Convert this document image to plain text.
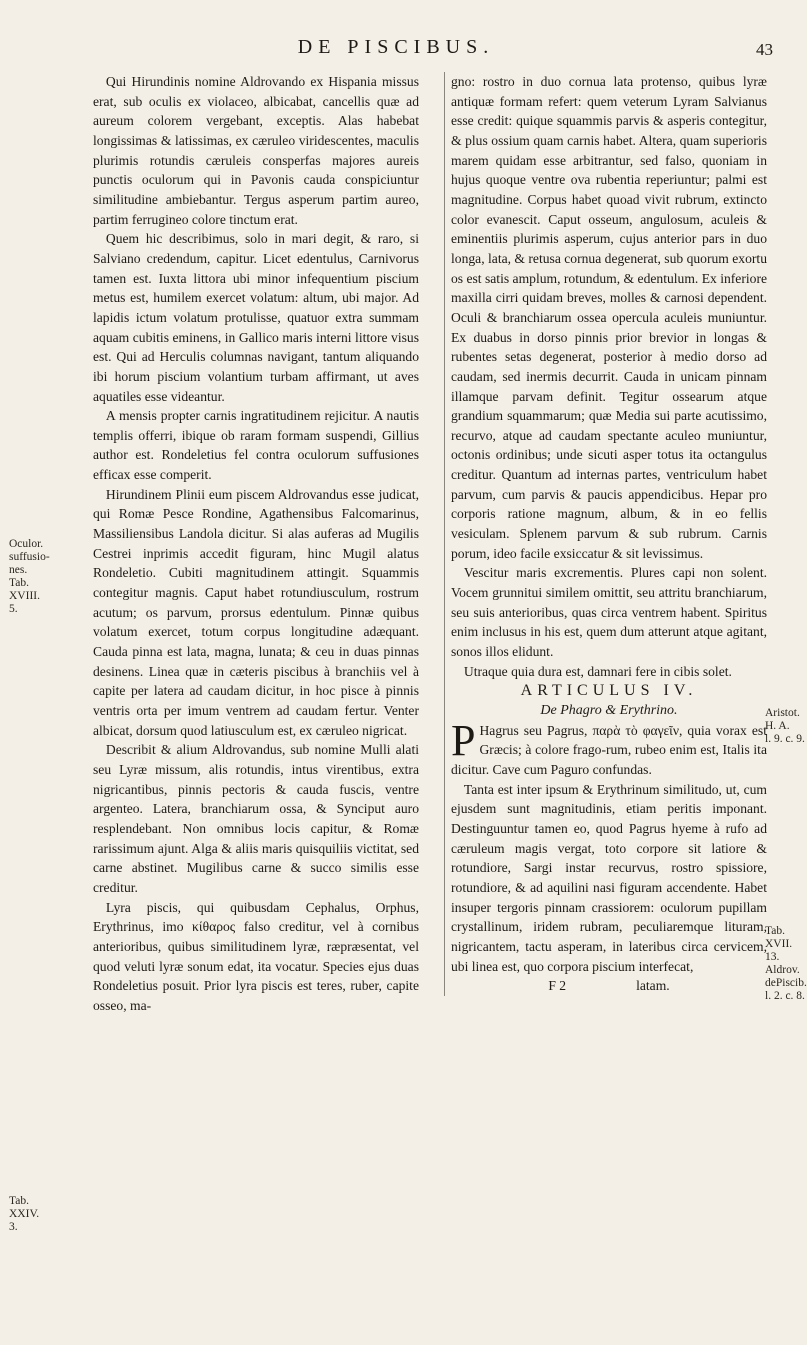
DE PISCIBUS.	43
Oculor.
suffusio-
nes.
Tab.
XVIII.
5.
Tab.
XXIV.
3.
Aristot.
H. A.
l. 9. c. 9.
Tab.
XVII.
13.
Aldrov.
dePiscib.
l. 2. c. 8.

Qui Hirundinis nomine Aldrovando ex Hispania missus erat, sub oculis ex violaceo, albicabat, cancellis quæ ad aureum colorem vergebant, exceptis. Alas habebat longissimas & latissimas, ex cæruleo viridescentes, maculis plurimis rotundis cæruleis consperfas majores aureis punctis oculorum qui in Pavonis cauda conspiciuntur similitudine ambiebantur. Tergus asperum partim aureo, partim ferrugineo colore tinctum erat.

Quem hic describimus, solo in mari degit, & raro, si Salviano credendum, capitur. Licet edentulus, Carnivorus tamen est. Iuxta littora ubi minor infequentium piscium metus est, humilem exercet volatum: altum, ubi major. Ad lapidis ictum volatum protulisse, quatuor extra summam aquam cubitis eminens, in Gallico maris interni littore visus est. Qui ad Herculis columnas navigant, tantum aliquando ibi horum piscium volantium turbam affirmant, ut aves aquatiles esse videantur.

A mensis propter carnis ingratitudinem rejicitur. A nautis templis offerri, ibique ob raram formam suspendi, Gillius author est. Rondeletius fel contra oculorum suffusiones efficax esse comperit.

Hirundinem Plinii eum piscem Aldrovandus esse judicat, qui Romæ Pesce Rondine, Agathensibus Falcomarinus, Massiliensibus Landola dicitur. Si alas auferas ad Mugilis Cestrei inprimis accedit figuram, hinc Mugil alatus Rondeletio. Cubiti magnitudinem attingit. Squammis contegitur magnis. Caput habet rotundiusculum, rostrum acutum; os parvum, prorsus edentulum. Pinnæ quibus volatum exercet, totum corpus longitudine adæquant. Cauda pinna est lata, magna, lunata; & ceu in duas pinnas desinens. Linea quæ in cæteris piscibus à branchiis vel à capite per latera ad caudam dicitur, in hoc pisce à pinnis ventris orta per imum ventrem ad caudam fertur. Venter albicat, dorsum quod latiusculum est, ex cæruleo nigricat.

Describit & alium Aldrovandus, sub nomine Mulli alati seu Lyræ missum, alis rotundis, intus virentibus, extra nigricantibus, pinnis pectoris & cauda fuscis, ventre argenteo. Latera, branchiarum ossa, & Synciput auro resplendebant. Non omnibus locis capitur, & Romæ rarissimum ajunt. Alga & aliis maris quisquiliis victitat, sed carne abstinet. Mugilibus carne & succo similis esse creditur.

Lyra piscis, qui quibusdam Cephalus, Orphus, Erythrinus, imo κίθαρος falso creditur, vel à cornibus anterioribus, quibus similitudinem lyræ, ræpræsentat, vel quod veluti lyræ sonum edat, ita vocatur. Species ejus duas Rondeletius posuit. Prior lyra piscis est teres, ruber, capite osseo, ma-

gno: rostro in duo cornua lata protenso, quibus lyræ antiquæ formam refert: quem veterum Lyram Salvianus esse credit: quique squammis parvis & asperis contegitur, & plus ossium quam carnis habet. Altera, quam superioris marem quidam esse arbitrantur, sed falso, quoniam in hujus quoque ventre ova rubentia reperiuntur; palmi est magnitudine. Corpus habet quoad vivit rubrum, extincto color evanescit. Caput osseum, angulosum, aculeis & eminentiis plurimis asperum, cujus anterior pars in duo longa, lata, & retusa cornua degenerat, sub quorum exortu os est satis amplum, rotundum, & edentulum. Ex inferiore maxilla cirri quidam breves, molles & carnosi dependent. Oculi & branchiarum ossea opercula aculeis muniuntur. Ex duabus in dorso pinnis prior brevior in longas & rubentes setas degenerat, posterior à medio dorso ad caudam, sed inermis decurrit. Cauda in unicam pinnam illamque parvam definit. Tegitur ossearum atque grandium squammarum; quæ Media sui parte acutissimo, recurvo, atque ad caudam spectante aculeo muniuntur, octonis ordinibus; unde sicuti asper totus ita octangulus creditur. Quantum ad internas partes, ventriculum habet parvum, cum parvis & paucis appendicibus. Hepar pro corporis ratione magnum, album, & in eo fellis vesiculam. Splenem parvum & sub rubrum. Carnis porum, ideo facile exsiccatur & sit levissimus.

Vescitur maris excrementis. Plures capi non solent. Vocem grunnitui similem omittit, seu attritu branchiarum, seu suis anterioribus, quas circa ventrem habent. Spiritus enim inclusus in his est, quem dum atterunt atque agitant, sonos illos elidunt.

Utraque quia dura est, damnari fere in cibis solet.

ARTICULUS IV.

De Phagro & Erythrino.

P Hagrus seu Pagrus, παρὰ τὸ φαγεῖν, quia vorax est Græcis; à colore frago-rum, rubeo enim est, Italis ita dicitur. Cave cum Paguro confundas.

Tanta est inter ipsum & Erythrinum similitudo, ut, cum ejusdem sunt magnitudinis, etiam peritis imponant. Destinguuntur tamen eo, quod Pagrus hyeme à rufo ad cæruleum magis vergat, toto corpore sit latiore & rotundiore, Sargi instar recurvus, rostro spissiore, rotundiore, & ad aquilini nasi figuram accendente. Habet insuper tergoris pinnam crassiorem: oculorum pupillam crystallinum, iridem rubram, peculiaremque lituram, nigricantem, tactu asperam, in lateribus circa cervicem, ubi linea est, quo corpora piscium interfecat,

F 2	latam.
